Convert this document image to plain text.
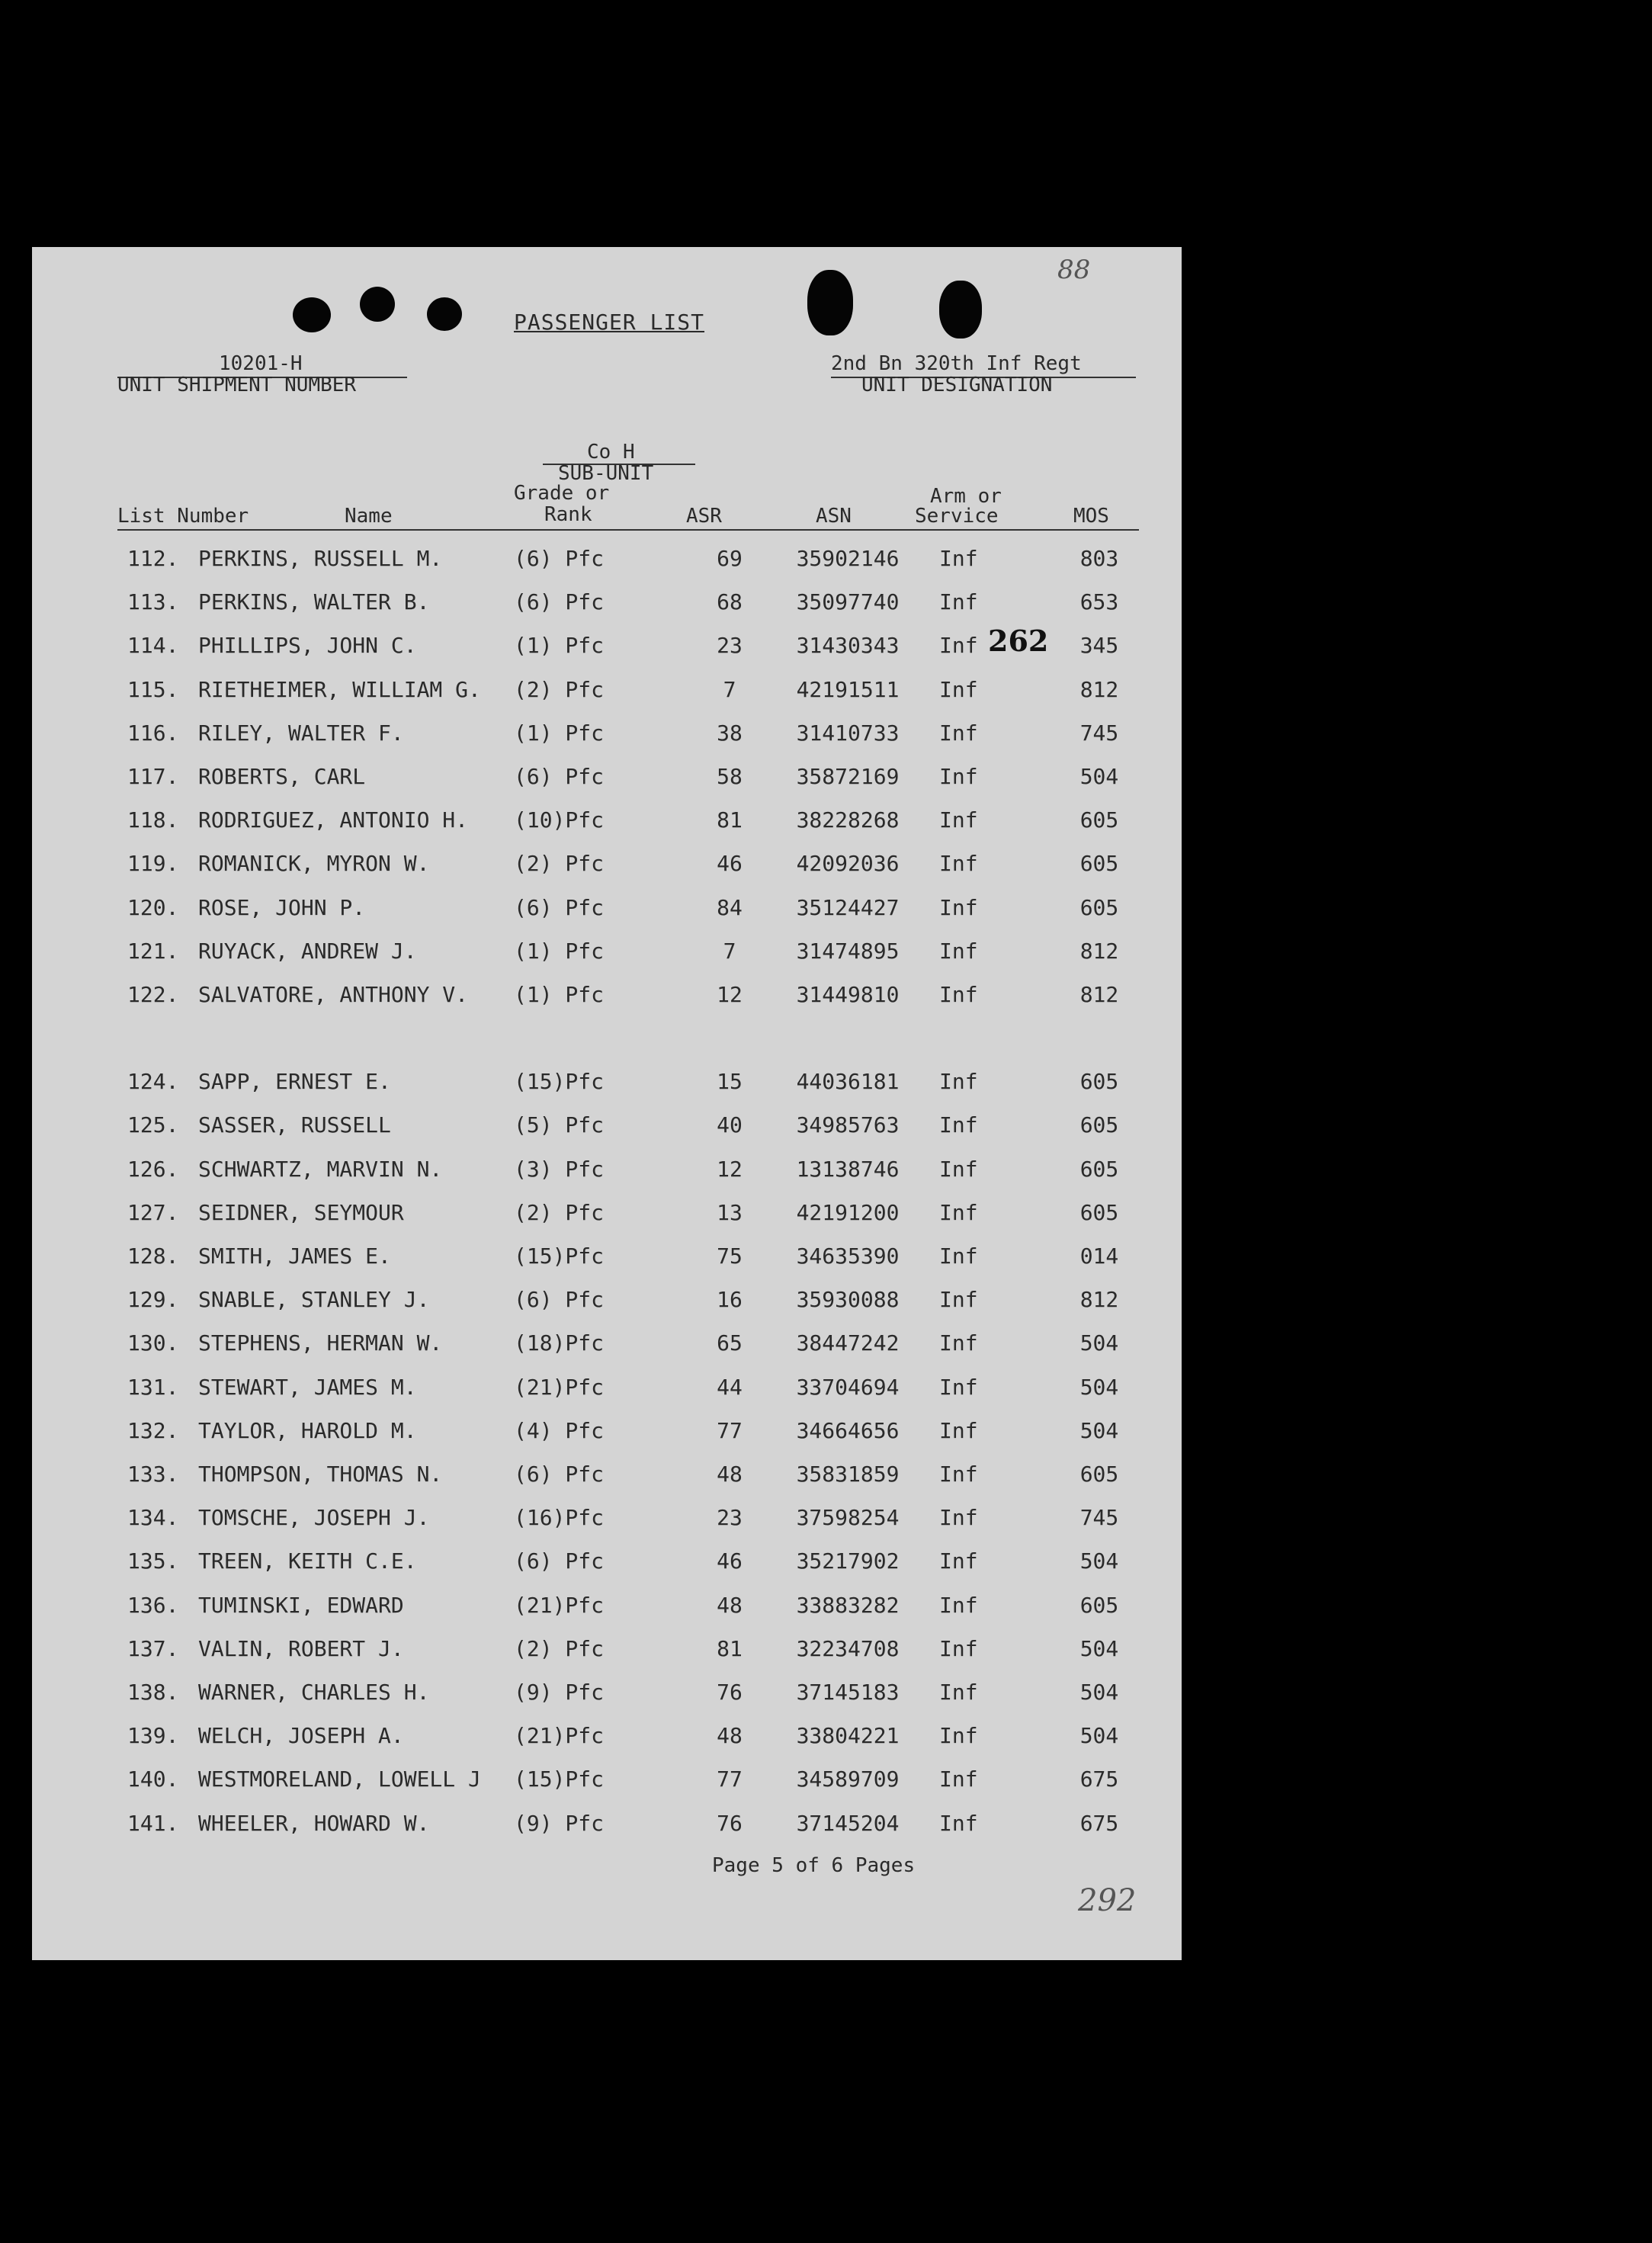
88
PASSENGER LIST
10201-H
UNIT SHIPMENT NUMBER
2nd Bn 320th Inf Regt
UNIT DESIGNATION
Co H
SUB-UNIT
Grade or	Arm or
List Number	Name	Rank	ASR	ASN	Service	MOS
112. PERKINS, RUSSELL M.	(6) Pfc	69	35902146	Inf	803
113. PERKINS, WALTER B.	(6) Pfc	68	35097740	Inf	653
114. PHILLIPS, JOHN C.	(1) Pfc	23	31430343	Inf	345
115. RIETHEIMER, WILLIAM G. (2) Pfc	7	42191511	Inf	812
116. RILEY, WALTER F.	(1) Pfc	38	31410733	Inf	745
117. ROBERTS, CARL	(6) Pfc	58	35872169	Inf	504
118. RODRIGUEZ, ANTONIO H. (10)Pfc	81	38228268	Inf	605
119. ROMANICK, MYRON W.	(2) Pfc	46	42092036	Inf	605
120. ROSE, JOHN P.	(6) Pfc	84	35124427	Inf	605
121. RUYACK, ANDREW J.	(1) Pfc	7	31474895	Inf	812
122. SALVATORE, ANTHONY V. (1) Pfc	12	31449810	Inf	812
124. SAPP, ERNEST E.	(15)Pfc	15	44036181	Inf	605
125. SASSER, RUSSELL	(5) Pfc	40	34985763	Inf	605
126. SCHWARTZ, MARVIN N.	(3) Pfc	12	13138746	Inf	605
127. SEIDNER, SEYMOUR	(2) Pfc	13	42191200	Inf	605
128. SMITH, JAMES E.	(15)Pfc	75	34635390	Inf	014
129. SNABLE, STANLEY J.	(6) Pfc	16	35930088	Inf	812
130. STEPHENS, HERMAN W.	(18)Pfc	65	38447242	Inf	504
131. STEWART, JAMES M.	(21)Pfc	44	33704694	Inf	504
132. TAYLOR, HAROLD M.	(4) Pfc	77	34664656	Inf	504
133. THOMPSON, THOMAS N.	(6) Pfc	48	35831859	Inf	605
134. TOMSCHE, JOSEPH J.	(16)Pfc	23	37598254	Inf	745
135. TREEN, KEITH C.E.	(6) Pfc	46	35217902	Inf	504
136. TUMINSKI, EDWARD	(21)Pfc	48	33883282	Inf	605
137. VALIN, ROBERT J.	(2) Pfc	81	32234708	Inf	504
138. WARNER, CHARLES H.	(9) Pfc	76	37145183	Inf	504
139. WELCH, JOSEPH A.	(21)Pfc	48	33804221	Inf	504
140. WESTMORELAND, LOWELL J (15)Pfc	77	34589709	Inf	675
141. WHEELER, HOWARD W.	(9) Pfc	76	37145204	Inf	675
262
Page 5 of 6 Pages
292
